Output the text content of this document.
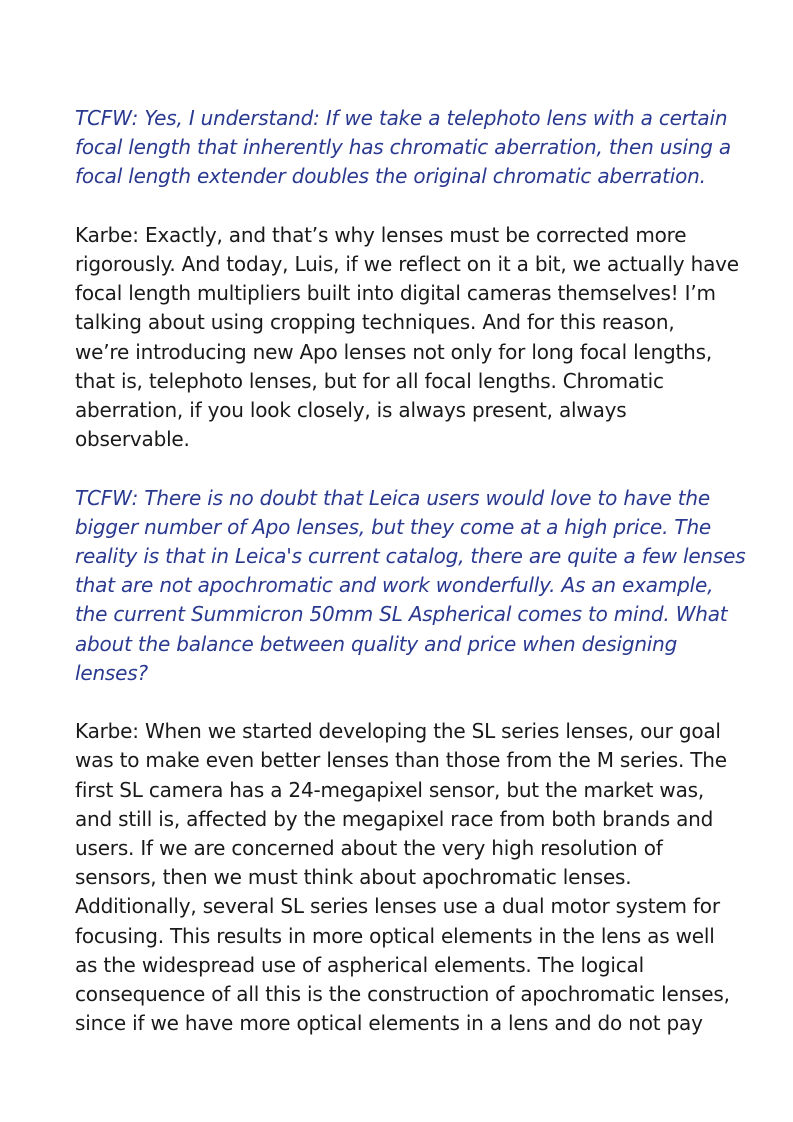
TCFW: Yes, I understand: If we take a telephoto lens with a certain
focal length that inherently has chromatic aberration, then using a
focal length extender doubles the original chromatic aberration.

Karbe: Exactly, and that’s why lenses must be corrected more
rigorously. And today, Luis, if we reflect on it a bit, we actually have
focal length multipliers built into digital cameras themselves! I’m
talking about using cropping techniques. And for this reason,
we’re introducing new Apo lenses not only for long focal lengths,
that is, telephoto lenses, but for all focal lengths. Chromatic
aberration, if you look closely, is always present, always
observable.

TCFW: There is no doubt that Leica users would love to have the
bigger number of Apo lenses, but they come at a high price. The
reality is that in Leica's current catalog, there are quite a few lenses
that are not apochromatic and work wonderfully. As an example,
the current Summicron 50mm SL Aspherical comes to mind. What
about the balance between quality and price when designing
lenses?

Karbe: When we started developing the SL series lenses, our goal
was to make even better lenses than those from the M series. The
first SL camera has a 24-megapixel sensor, but the market was,
and still is, affected by the megapixel race from both brands and
users. If we are concerned about the very high resolution of
sensors, then we must think about apochromatic lenses.
Additionally, several SL series lenses use a dual motor system for
focusing. This results in more optical elements in the lens as well
as the widespread use of aspherical elements. The logical
consequence of all this is the construction of apochromatic lenses,
since if we have more optical elements in a lens and do not pay
